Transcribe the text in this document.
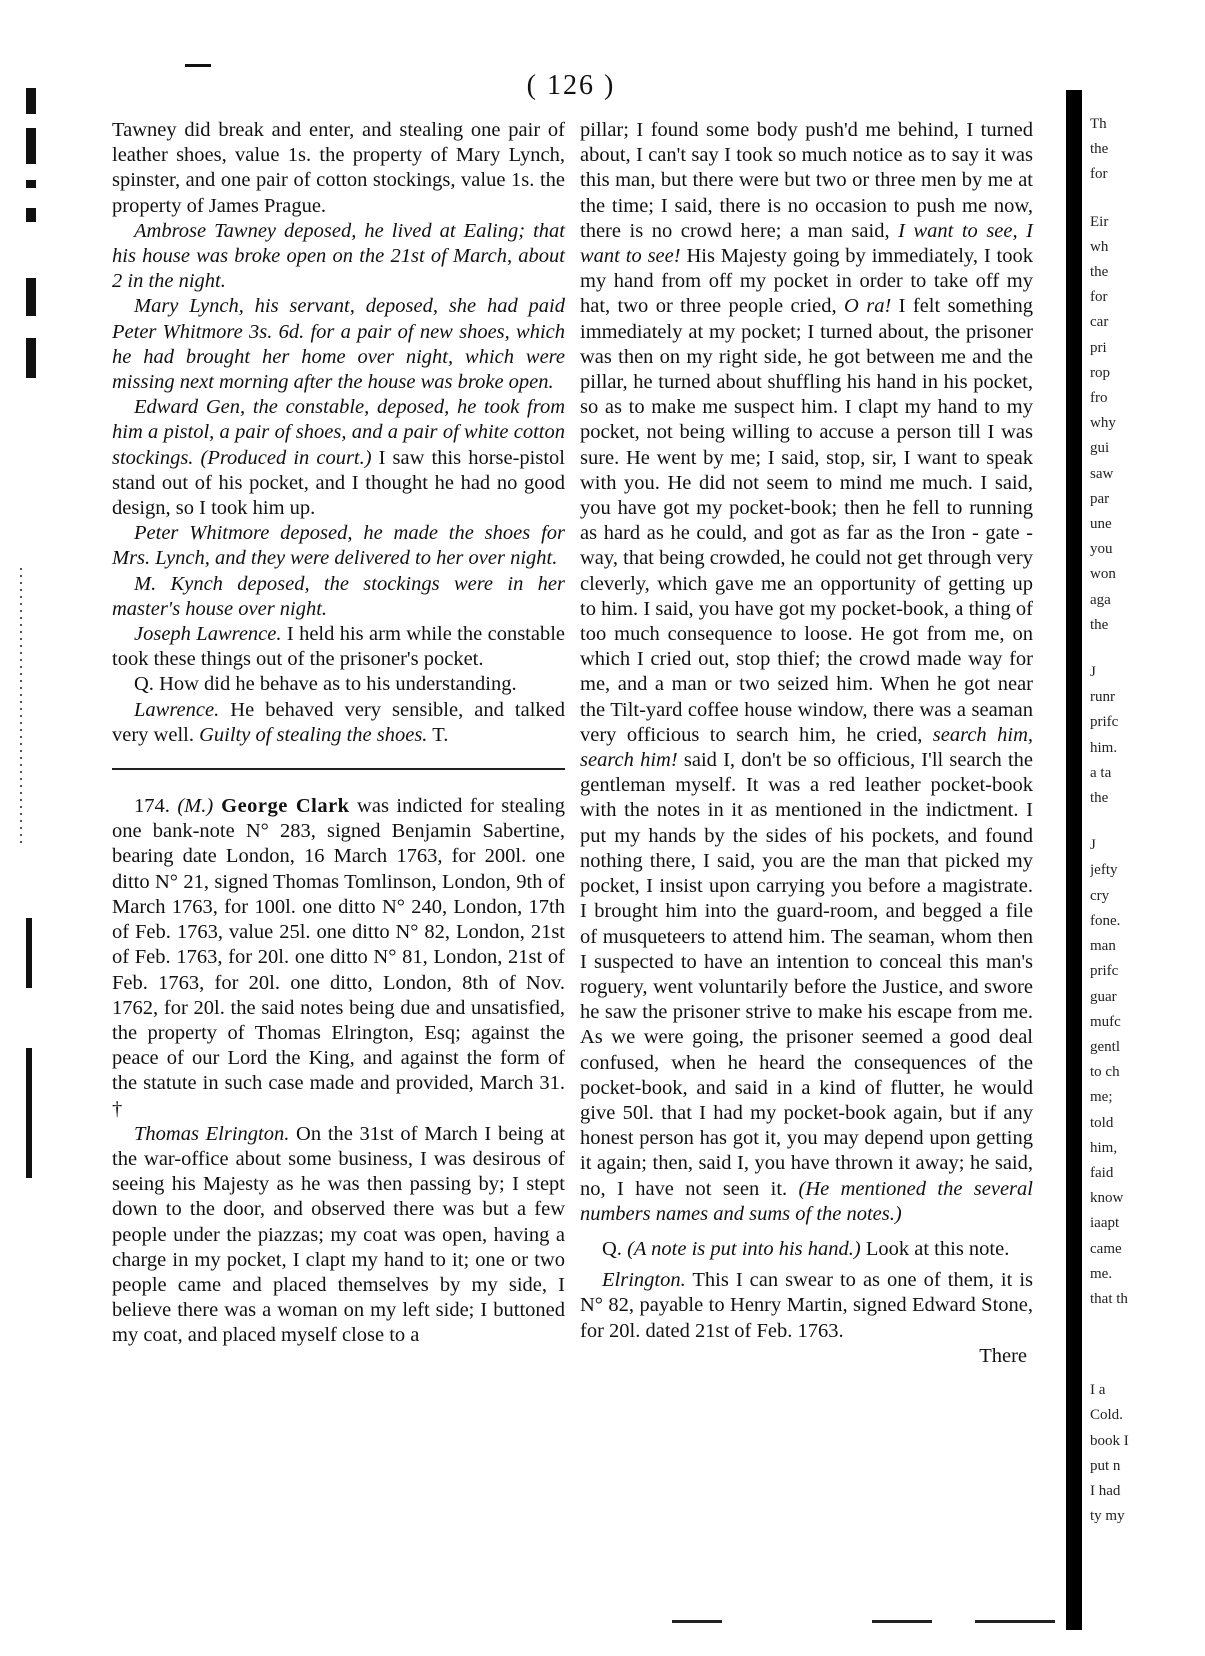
( 126 )

Tawney did break and enter, and stealing one pair of leather shoes, value 1s. the property of Mary Lynch, spinster, and one pair of cotton stockings, value 1s. the property of James Prague.

Ambrose Tawney deposed, he lived at Ealing; that his house was broke open on the 21st of March, about 2 in the night.

Mary Lynch, his servant, deposed, she had paid Peter Whitmore 3s. 6d. for a pair of new shoes, which he had brought her home over night, which were missing next morning after the house was broke open.

Edward Gen, the constable, deposed, he took from him a pistol, a pair of shoes, and a pair of white cotton stockings. (Produced in court.) I saw this horse-pistol stand out of his pocket, and I thought he had no good design, so I took him up.

Peter Whitmore deposed, he made the shoes for Mrs. Lynch, and they were delivered to her over night.

M. Kynch deposed, the stockings were in her master's house over night.

Joseph Lawrence. I held his arm while the constable took these things out of the prisoner's pocket.

Q. How did he behave as to his understanding.

Lawrence. He behaved very sensible, and talked very well. Guilty of stealing the shoes. T.

174. (M.) George Clark was indicted for stealing one bank-note N° 283, signed Benjamin Sabertine, bearing date London, 16 March 1763, for 200l. one ditto N° 21, signed Thomas Tomlinson, London, 9th of March 1763, for 100l. one ditto N° 240, London, 17th of Feb. 1763, value 25l. one ditto N° 82, London, 21st of Feb. 1763, for 20l. one ditto N° 81, London, 21st of Feb. 1763, for 20l. one ditto, London, 8th of Nov. 1762, for 20l. the said notes being due and unsatisfied, the property of Thomas Elrington, Esq; against the peace of our Lord the King, and against the form of the statute in such case made and provided, March 31. †

Thomas Elrington. On the 31st of March I being at the war-office about some business, I was desirous of seeing his Majesty as he was then passing by; I stept down to the door, and observed there was but a few people under the piazzas; my coat was open, having a charge in my pocket, I clapt my hand to it; one or two people came and placed themselves by my side, I believe there was a woman on my left side; I buttoned my coat, and placed myself close to a

pillar; I found some body push'd me behind, I turned about, I can't say I took so much notice as to say it was this man, but there were but two or three men by me at the time; I said, there is no occasion to push me now, there is no crowd here; a man said, I want to see, I want to see! His Majesty going by immediately, I took my hand from off my pocket in order to take off my hat, two or three people cried, O ra! I felt something immediately at my pocket; I turned about, the prisoner was then on my right side, he got between me and the pillar, he turned about shuffling his hand in his pocket, so as to make me suspect him. I clapt my hand to my pocket, not being willing to accuse a person till I was sure. He went by me; I said, stop, sir, I want to speak with you. He did not seem to mind me much. I said, you have got my pocket-book; then he fell to running as hard as he could, and got as far as the Iron - gate - way, that being crowded, he could not get through very cleverly, which gave me an opportunity of getting up to him. I said, you have got my pocket-book, a thing of too much consequence to loose. He got from me, on which I cried out, stop thief; the crowd made way for me, and a man or two seized him. When he got near the Tilt-yard coffee house window, there was a seaman very officious to search him, he cried, search him, search him! said I, don't be so officious, I'll search the gentleman myself. It was a red leather pocket-book with the notes in it as mentioned in the indictment. I put my hands by the sides of his pockets, and found nothing there, I said, you are the man that picked my pocket, I insist upon carrying you before a magistrate. I brought him into the guard-room, and begged a file of musqueteers to attend him. The seaman, whom then I suspected to have an intention to conceal this man's roguery, went voluntarily before the Justice, and swore he saw the prisoner strive to make his escape from me. As we were going, the prisoner seemed a good deal confused, when he heard the consequences of the pocket-book, and said in a kind of flutter, he would give 50l. that I had my pocket-book again, but if any honest person has got it, you may depend upon getting it again; then, said I, you have thrown it away; he said, no, I have not seen it. (He mentioned the several numbers names and sums of the notes.)

Q. (A note is put into his hand.) Look at this note.

Elrington. This I can swear to as one of them, it is N° 82, payable to Henry Martin, signed Edward Stone, for 20l. dated 21st of Feb. 1763.

There

Th
the
for
Eir
wh
the
for
car
pri
rop
fro
why
gui
saw
par
une
you
won
aga
the
J
runr
prifc
him.
a ta
the
J
jefty
cry
fone.
man
prifc
guar
mufc
gentl
to ch
me;
told
him,
faid
know
iaapt
came
me.
that th
I a
Cold.
book I
put n
I had
ty my
